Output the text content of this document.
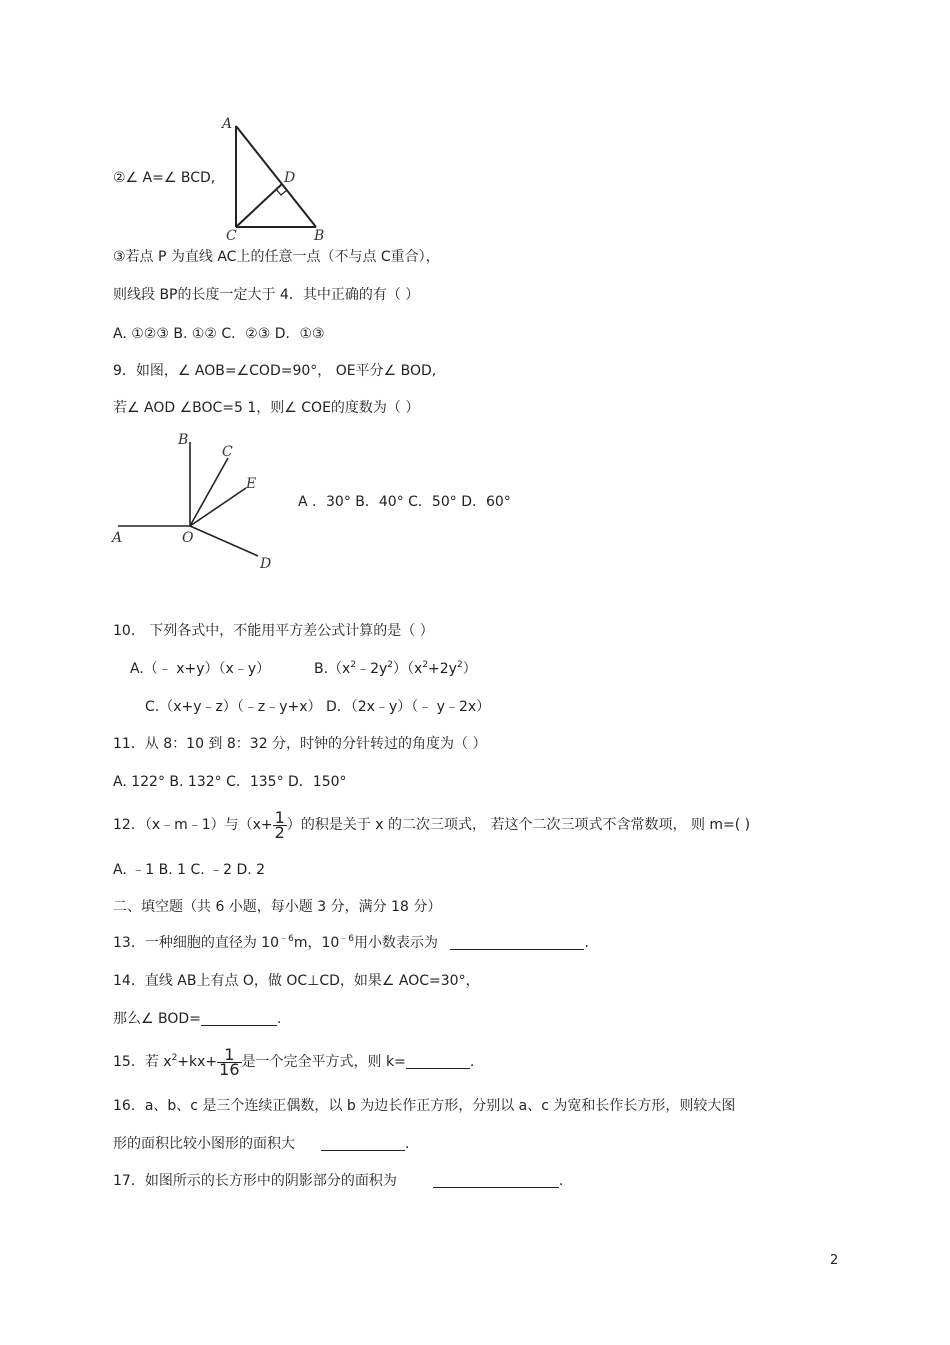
②∠ A=∠ BCD,
A
D
C	B
③若点 P 为直线 AC上的任意一点（不与点 C重合），
则线段 BP的长度一定大于 4．其中正确的有（ ）
A. ①②③ B. ①② C．②③ D．①③
9．如图，∠ AOB=∠COD=90°， OE平分∠ BOD,
若∠ AOD ∠BOC=5 1，则∠ COE的度数为（ ）
B
C
E
A	O
D
A ．30° B．40° C．50° D．60°
10． 下列各式中，不能用平方差公式计算的是（ ）
A.（﹣ x+y）（x﹣y）	$B.(x^2﹣2y^2)(x^2+2y^2)$
C.（x+y﹣z）（﹣z﹣y+x） D．（2x﹣y）（﹣ y﹣2x）
11．从 8：10 到 8：32 分，时钟的分针转过的角度为（ ）
A. 122° B. 132° C．135° D．150°
12．（x﹣m﹣1）与（$x+ \frac{1}{2}$ ）的积是关于 x 的二次三项式， 若这个二次三项式不含常数项， 则 m=( )
A. ﹣1 B. 1 C. ﹣2 D. 2
二、填空题（共 6 小题，每小题 3 分，满分 18 分）
13．一种细胞的直径为 $10^{﹣6}m$，$10^{﹣6}$用小数表示为	.
14．直线 AB上有点 O，做 OC⊥CD，如果∠ AOC=30°，
那么∠ BOD=	.
15．若 $x^2+kx+ \frac{1}{16}$ 是一个完全平方式，则 k=	.
16．a、b、c 是三个连续正偶数，以 b 为边长作正方形，分别以 a、c 为宽和长作长方形，则较大图
形的面积比较小图形的面积大	.
17．如图所示的长方形中的阴影部分的面积为	.
2
